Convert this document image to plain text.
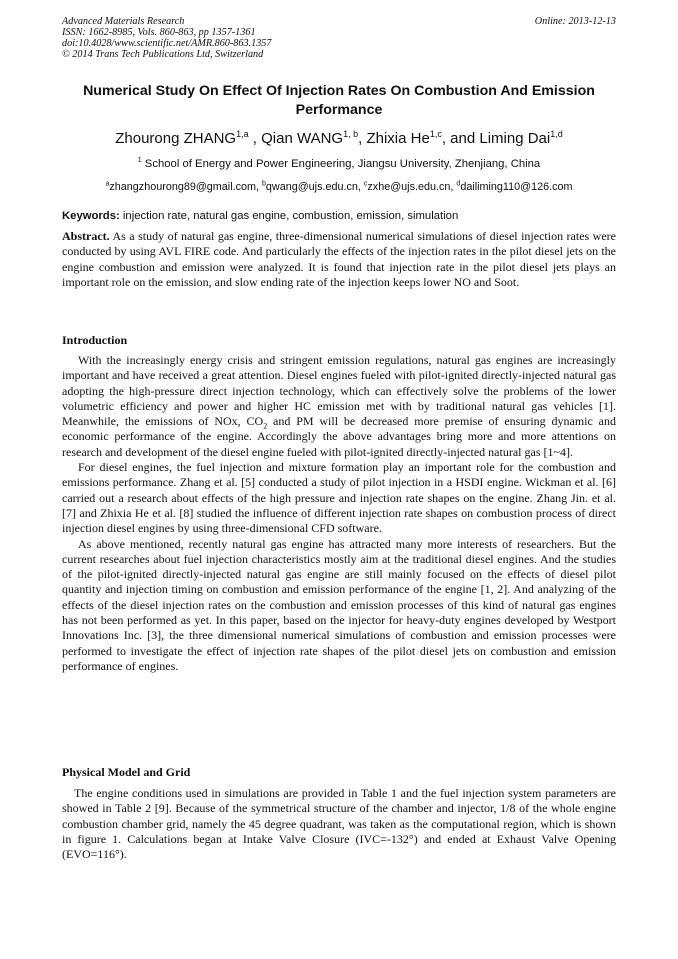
Advanced Materials Research
ISSN: 1662-8985, Vols. 860-863, pp 1357-1361
doi:10.4028/www.scientific.net/AMR.860-863.1357
© 2014 Trans Tech Publications Ltd, Switzerland
Online: 2013-12-13
Numerical Study On Effect Of Injection Rates On Combustion And Emission Performance
Zhourong ZHANG$^{1,a}$ , Qian WANG$^{1, b}$, Zhixia He$^{1,c}$, and Liming Dai$^{1,d}$
$^1$ School of Energy and Power Engineering, Jiangsu University, Zhenjiang, China
$^a$zhangzhourong89@gmail.com, $^b$qwang@ujs.edu.cn, $^c$zxhe@ujs.edu.cn, $^d$dailiming110@126.com
Keywords: injection rate, natural gas engine, combustion, emission, simulation
Abstract. As a study of natural gas engine, three-dimensional numerical simulations of diesel injection rates were conducted by using AVL FIRE code. And particularly the effects of the injection rates in the pilot diesel jets on the engine combustion and emission were analyzed. It is found that injection rate in the pilot diesel jets plays an important role on the emission, and slow ending rate of the injection keeps lower NO and Soot.
Introduction

With the increasingly energy crisis and stringent emission regulations, natural gas engines are increasingly important and have received a great attention. Diesel engines fueled with pilot-ignited directly-injected natural gas adopting the high-pressure direct injection technology, which can effectively solve the problems of the lower volumetric efficiency and power and higher HC emission met with by traditional natural gas vehicles [1]. Meanwhile, the emissions of NOx, $CO_2$ and PM will be decreased more premise of ensuring dynamic and economic performance of the engine. Accordingly the above advantages bring more and more attentions on research and development of the diesel engine fueled with pilot-ignited directly-injected natural gas [1~4].

For diesel engines, the fuel injection and mixture formation play an important role for the combustion and emissions performance. Zhang et al. [5] conducted a study of pilot injection in a HSDI engine. Wickman et al. [6] carried out a research about effects of the high pressure and injection rate shapes on the engine. Zhang Jin. et al. [7] and Zhixia He et al. [8] studied the influence of different injection rate shapes on combustion process of direct injection diesel engines by using three-dimensional CFD software.

As above mentioned, recently natural gas engine has attracted many more interests of researchers. But the current researches about fuel injection characteristics mostly aim at the traditional diesel engines. And the studies of the pilot-ignited directly-injected natural gas engine are still mainly focused on the effects of diesel pilot quantity and injection timing on combustion and emission performance of the engine [1, 2]. And analyzing of the effects of the diesel injection rates on the combustion and emission processes of this kind of natural gas engines has not been performed as yet. In this paper, based on the injector for heavy-duty engines developed by Westport Innovations Inc. [3], the three dimensional numerical simulations of combustion and emission processes were performed to investigate the effect of injection rate shapes of the pilot diesel jets on combustion and emission performance of engines.

Physical Model and Grid

The engine conditions used in simulations are provided in Table 1 and the fuel injection system parameters are showed in Table 2 [9]. Because of the symmetrical structure of the chamber and injector, 1/8 of the whole engine combustion chamber grid, namely the 45 degree quadrant, was taken as the computational region, which is shown in figure 1. Calculations began at Intake Valve Closure (IVC=-132°) and ended at Exhaust Valve Opening (EVO=116°).
